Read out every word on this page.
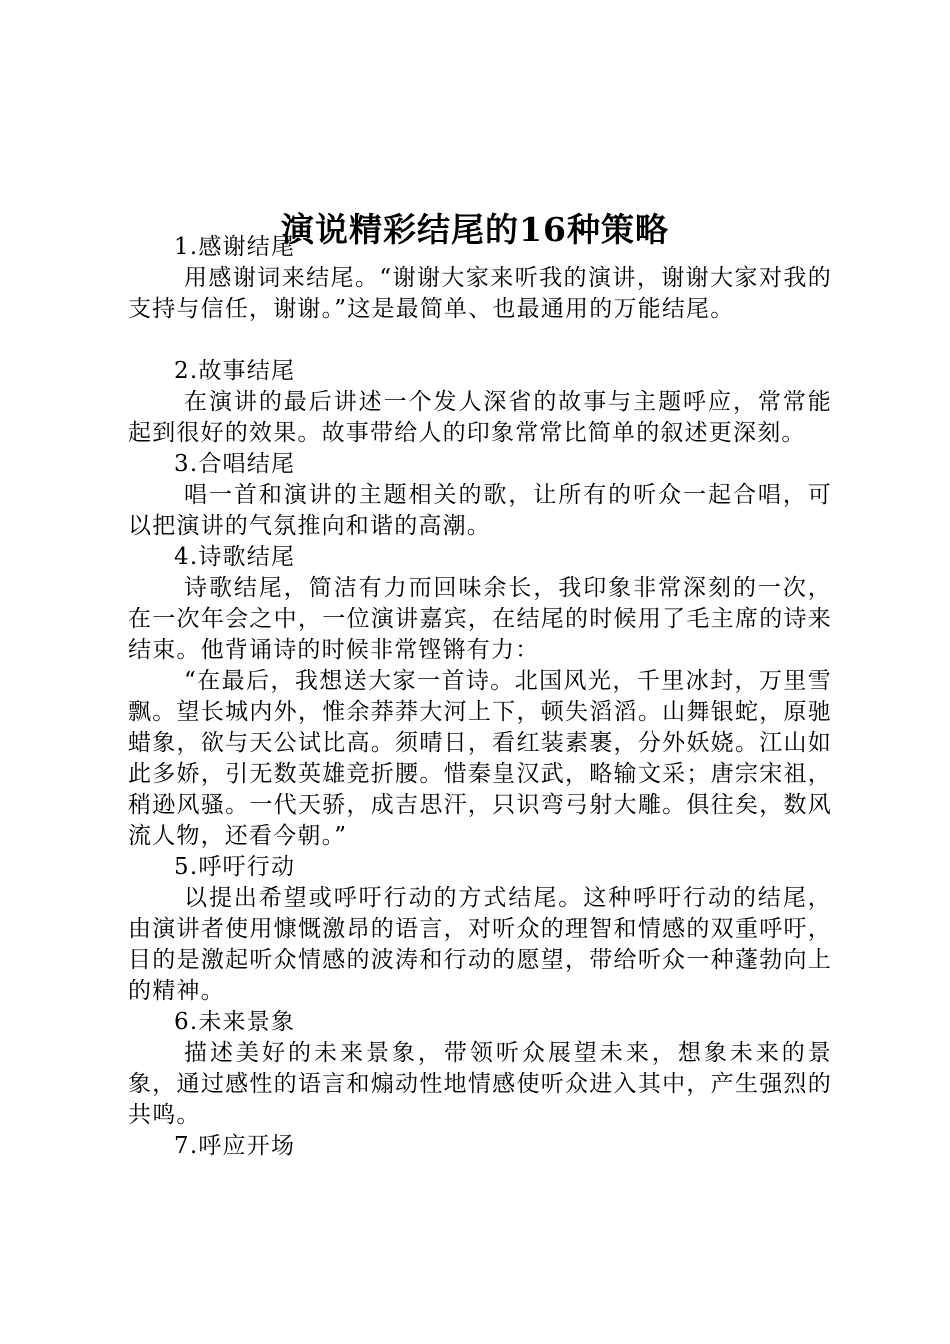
演说精彩结尾的16种策略

1.感谢结尾

用感谢词来结尾。“谢谢大家来听我的演讲，谢谢大家对我的支持与信任，谢谢。”这是最简单、也最通用的万能结尾。

2.故事结尾

在演讲的最后讲述一个发人深省的故事与主题呼应，常常能起到很好的效果。故事带给人的印象常常比简单的叙述更深刻。

3.合唱结尾

唱一首和演讲的主题相关的歌，让所有的听众一起合唱，可以把演讲的气氛推向和谐的高潮。

4.诗歌结尾

诗歌结尾，简洁有力而回味余长，我印象非常深刻的一次，在一次年会之中，一位演讲嘉宾，在结尾的时候用了毛主席的诗来结束。他背诵诗的时候非常铿锵有力：

“在最后，我想送大家一首诗。北国风光，千里冰封，万里雪飘。望长城内外，惟余莽莽大河上下，顿失滔滔。山舞银蛇，原驰蜡象，欲与天公试比高。须晴日，看红装素裹，分外妖娆。江山如此多娇，引无数英雄竞折腰。惜秦皇汉武，略输文采；唐宗宋祖，稍逊风骚。一代天骄，成吉思汗，只识弯弓射大雕。俱往矣，数风流人物，还看今朝。”

5.呼吁行动

以提出希望或呼吁行动的方式结尾。这种呼吁行动的结尾，由演讲者使用慷慨激昂的语言，对听众的理智和情感的双重呼吁，目的是激起听众情感的波涛和行动的愿望，带给听众一种蓬勃向上的精神。

6.未来景象

描述美好的未来景象，带领听众展望未来，想象未来的景象，通过感性的语言和煽动性地情感使听众进入其中，产生强烈的共鸣。

7.呼应开场
